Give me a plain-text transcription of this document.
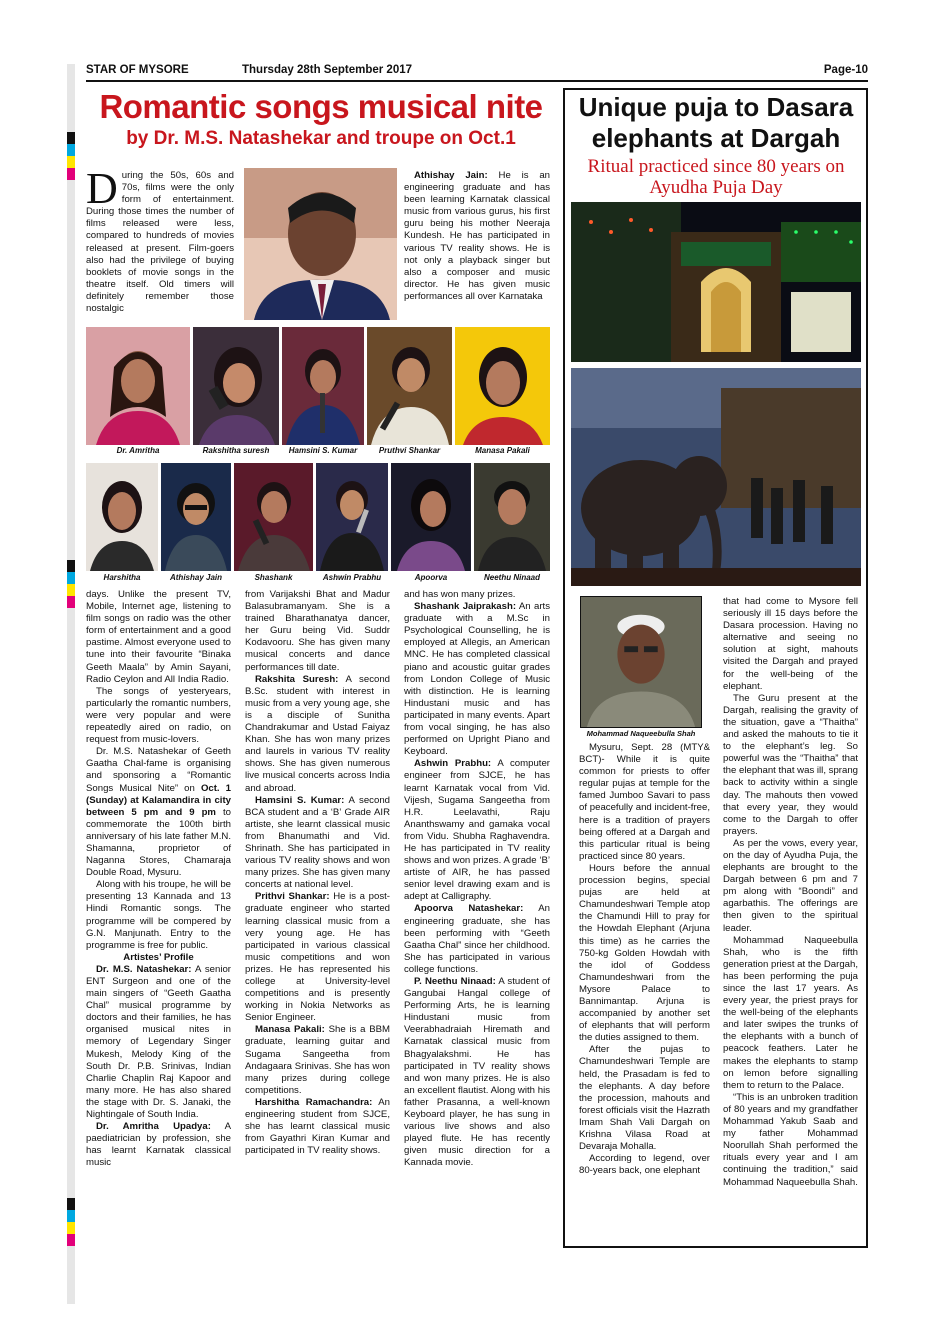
STAR OF MYSORE	Thursday 28th September 2017	Page-10
Romantic songs musical nite
by Dr. M.S. Natashekar and troupe on Oct.1
During the 50s, 60s and 70s, films were the only form of entertainment. During those times the number of films released were less, compared to hundreds of movies released at present. Film-goers also had the privilege of buying booklets of movie songs in the theatre itself. Old timers will definitely remember those nostalgic
Athishay Jain: He is an engineering graduate and has been learning Karnatak classical music from various gurus, his first guru being his mother Neeraja Kundesh. He has participated in various TV reality shows. He is not only a playback singer but also a composer and music director. He has given music performances all over Karnataka
Dr. Amritha	Rakshitha suresh	Hamsini S. Kumar	Pruthvi Shankar	Manasa Pakali
Harshitha	Athishay Jain	Shashank	Ashwin Prabhu	Apoorva	Neethu Ninaad

days. Unlike the present TV, Mobile, Internet age, listening to film songs on radio was the other form of entertainment and a good pastime. Almost everyone used to tune into their favourite “Binaka Geeth Maala” by Amin Sayani, Radio Ceylon and All India Radio.

The songs of yesteryears, particularly the romantic numbers, were very popular and were repeatedly aired on radio, on request from music-lovers.

Dr. M.S. Natashekar of Geeth Gaatha Chal-fame is organising and sponsoring a “Romantic Songs Musical Nite” on Oct. 1 (Sunday) at Kalamandira in city between 5 pm and 9 pm to commemorate the 100th birth anniversary of his late father M.N. Shamanna, proprietor of Naganna Stores, Chamaraja Double Road, Mysuru.

Along with his troupe, he will be presenting 13 Kannada and 13 Hindi Romantic songs. The programme will be compered by G.N. Manjunath. Entry to the programme is free for public.

Artistes’ Profile

Dr. M.S. Natashekar: A senior ENT Surgeon and one of the main singers of “Geeth Gaatha Chal” musical programme by doctors and their families, he has organised musical nites in memory of Legendary Singer Mukesh, Melody King of the South Dr. P.B. Srinivas, Indian Charlie Chaplin Raj Kapoor and many more. He has also shared the stage with Dr. S. Janaki, the Nightingale of South India.

Dr. Amritha Upadya: A paediatrician by profession, she has learnt Karnatak classical music

from Varijakshi Bhat and Madur Balasubramanyam. She is a trained Bharathanatya dancer, her Guru being Vid. Suddr Kodavooru. She has given many musical concerts and dance performances till date.

Rakshita Suresh: A second B.Sc. student with interest in music from a very young age, she is a disciple of Sunitha Chandrakumar and Ustad Faiyaz Khan. She has won many prizes and laurels in various TV reality shows. She has given numerous live musical concerts across India and abroad.

Hamsini S. Kumar: A second BCA student and a ‘B’ Grade AIR artiste, she learnt classical music from Bhanumathi and Vid. Shrinath. She has participated in various TV reality shows and won many prizes. She has given many concerts at national level.

Prithvi Shankar: He is a post-graduate engineer who started learning classical music from a very young age. He has participated in various classical music competitions and won prizes. He has represented his college at University-level competitions and is presently working in Nokia Networks as Senior Engineer.

Manasa Pakali: She is a BBM graduate, learning guitar and Sugama Sangeetha from Andagaara Srinivas. She has won many prizes during college competitions.

Harshitha Ramachandra: An engineering student from SJCE, she has learnt classical music from Gayathri Kiran Kumar and participated in TV reality shows.

and has won many prizes.

Shashank Jaiprakash: An arts graduate with a M.Sc in Psychological Counselling, he is employed at Allegis, an American MNC. He has completed classical piano and acoustic guitar grades from London College of Music with distinction. He is learning Hindustani music and has participated in many events. Apart from vocal singing, he has also performed on Upright Piano and Keyboard.

Ashwin Prabhu: A computer engineer from SJCE, he has learnt Karnatak vocal from Vid. Vijesh, Sugama Sangeetha from H.R. Leelavathi, Raju Ananthswamy and gamaka vocal from Vidu. Shubha Raghavendra. He has participated in TV reality shows and won prizes. A grade ‘B’ artiste of AIR, he has passed senior level drawing exam and is adept at Calligraphy.

Apoorva Natashekar: An engineering graduate, she has been performing with “Geeth Gaatha Chal” since her childhood. She has participated in various college functions.

P. Neethu Ninaad: A student of Gangubai Hangal college of Performing Arts, he is learning Hindustani music from Veerabhadraiah Hiremath and Karnatak classical music from Bhagyalakshmi. He has participated in TV reality shows and won many prizes. He is also an excellent flautist. Along with his father Prasanna, a well-known Keyboard player, he has sung in various live shows and also played flute. He has recently given music direction for a Kannada movie.

Unique puja to Dasara elephants at Dargah
Ritual practiced since 80 years on Ayudha Puja Day
Mohammad Naqueebulla Shah

Mysuru, Sept. 28 (MTY& BCT)- While it is quite common for priests to offer regular pujas at temple for the famed Jumboo Savari to pass of peacefully and incident-free, here is a tradition of prayers being offered at a Dargah and this particular ritual is being practiced since 80 years.

Hours before the annual procession begins, special pujas are held at Chamundeshwari Temple atop the Chamundi Hill to pray for the Howdah Elephant (Arjuna this time) as he carries the 750-kg Golden Howdah with the idol of Goddess Chamundeshwari from the Mysore Palace to Bannimantap. Arjuna is accompanied by another set of elephants that will perform the duties assigned to them.

After the pujas to Chamundeshwari Temple are held, the Prasadam is fed to the elephants. A day before the procession, mahouts and forest officials visit the Hazrath Imam Shah Vali Dargah on Krishna Vilasa Road at Devaraja Mohalla.

According to legend, over 80-years back, one elephant

that had come to Mysore fell seriously ill 15 days before the Dasara procession. Having no alternative and seeing no solution at sight, mahouts visited the Dargah and prayed for the well-being of the elephant.

The Guru present at the Dargah, realising the gravity of the situation, gave a “Thaitha” and asked the mahouts to tie it to the elephant’s leg. So powerful was the “Thaitha” that the elephant that was ill, sprang back to activity within a single day. The mahouts then vowed that every year, they would come to the Dargah to offer prayers.

As per the vows, every year, on the day of Ayudha Puja, the elephants are brought to the Dargah between 6 pm and 7 pm along with “Boondi” and agarbathis. The offerings are then given to the spiritual leader.

Mohammad Naqueebulla Shah, who is the fifth generation priest at the Dargah, has been performing the puja since the last 17 years. As every year, the priest prays for the well-being of the elephants and later swipes the trunks of the elephants with a bunch of peacock feathers. Later he makes the elephants to stamp on lemon before signalling them to return to the Palace.

“This is an unbroken tradition of 80 years and my grandfather Mohammad Yakub Saab and my father Mohammad Noorullah Shah performed the rituals every year and I am continuing the tradition,” said Mohammad Naqueebulla Shah.
